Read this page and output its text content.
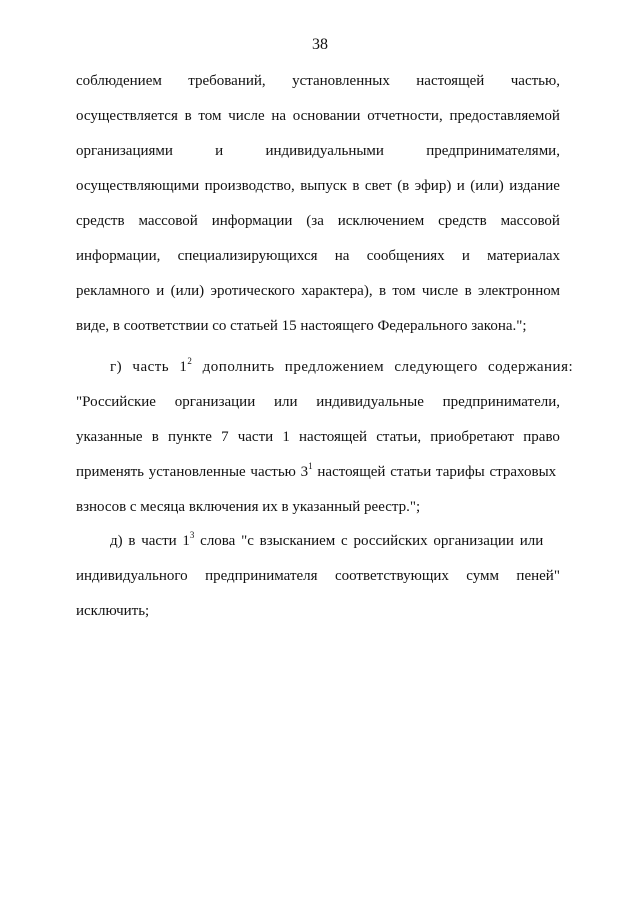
38
соблюдением требований, установленных настоящей частью,
осуществляется в том числе на основании отчетности, предоставляемой
организациями	и	индивидуальными	предпринимателями,
осуществляющими производство, выпуск в свет (в эфир) и (или) издание
средств массовой информации (за исключением средств массовой
информации, специализирующихся на сообщениях и материалах
рекламного и (или) эротического характера), в том числе в электронном
виде, в соответствии со статьей 15 настоящего Федерального закона.";
г) часть $1^2$ дополнить предложением следующего содержания:
"Российские организации или индивидуальные предприниматели,
указанные в пункте 7 части 1 настоящей статьи, приобретают право
применять установленные частью $3^1$ настоящей статьи тарифы страховых
взносов с месяца включения их в указанный реестр.";
д) в части $1^3$ слова "с взысканием с российских организации или
индивидуального предпринимателя соответствующих сумм пеней"
исключить;
